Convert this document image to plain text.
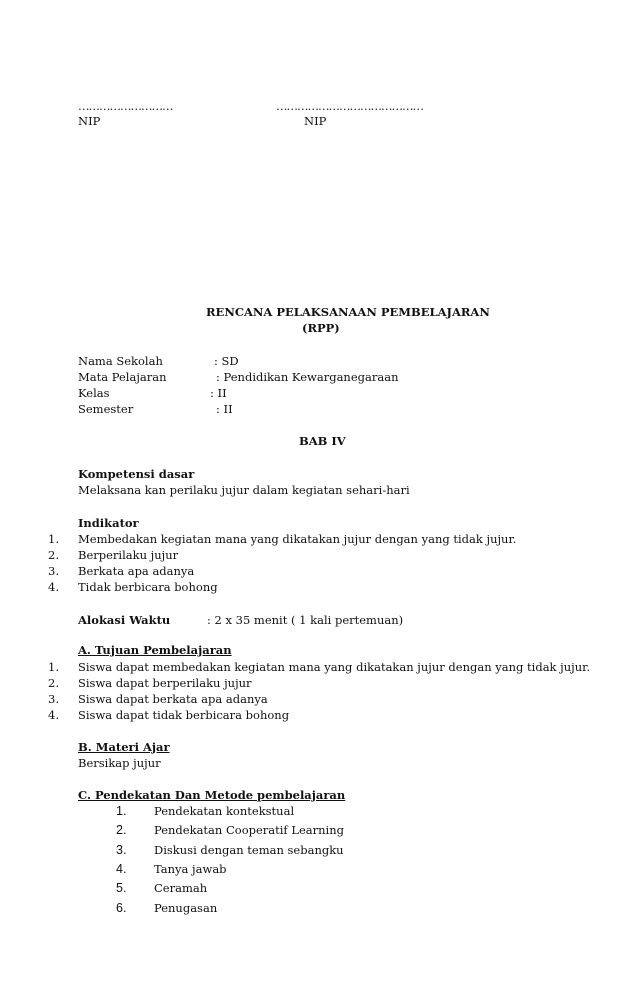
………………………	……………………………………
NIP	NIP
RENCANA PELAKSANAAN PEMBELAJARAN
(RPP)
Nama Sekolah	: SD
Mata Pelajaran	: Pendidikan Kewarganegaraan
Kelas	: II
Semester	: II
BAB IV
Kompetensi dasar
Melaksana kan perilaku jujur dalam kegiatan sehari-hari
Indikator
1. Membedakan kegiatan mana yang dikatakan jujur dengan yang tidak jujur.
2. Berperilaku jujur
3. Berkata apa adanya
4. Tidak berbicara bohong
Alokasi Waktu	: 2 x 35 menit ( 1 kali pertemuan)
A. Tujuan Pembelajaran
1. Siswa dapat membedakan kegiatan mana yang dikatakan jujur dengan yang tidak jujur.
2. Siswa dapat berperilaku jujur
3. Siswa dapat berkata apa adanya
4. Siswa dapat tidak berbicara bohong
B. Materi Ajar
Bersikap jujur
C. Pendekatan Dan Metode pembelajaran
1. Pendekatan kontekstual
2. Pendekatan Cooperatif Learning
3. Diskusi dengan teman sebangku
4. Tanya jawab
5. Ceramah
6. Penugasan
